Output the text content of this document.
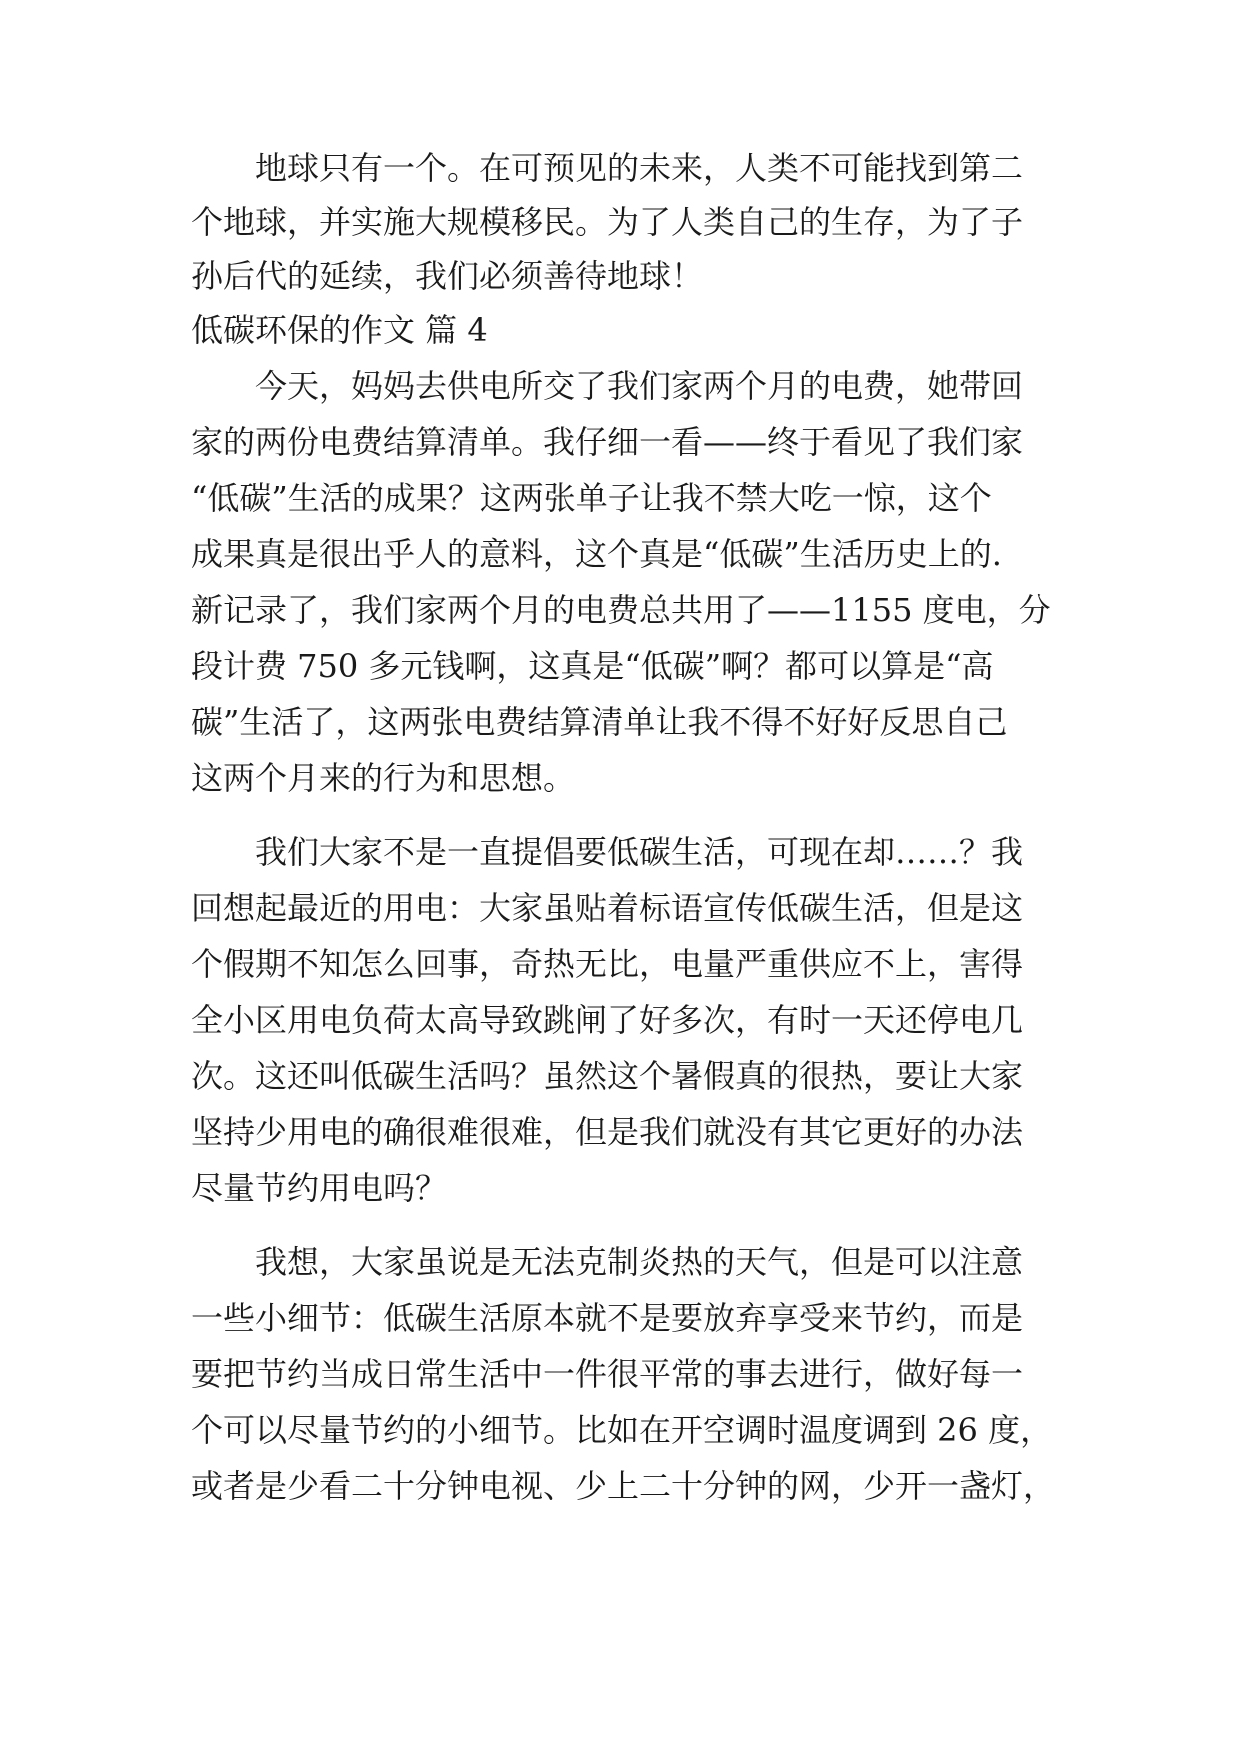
　　地球只有一个。在可预见的未来，人类不可能找到第二

个地球，并实施大规模移民。为了人类自己的生存，为了子

孙后代的延续，我们必须善待地球！

低碳环保的作文 篇 4

　　今天，妈妈去供电所交了我们家两个月的电费，她带回

家的两份电费结算清单。我仔细一看——终于看见了我们家

“低碳”生活的成果？这两张单子让我不禁大吃一惊，这个

成果真是很出乎人的意料，这个真是“低碳”生活历史上的.

新记录了，我们家两个月的电费总共用了——1155 度电，分

段计费 750 多元钱啊，这真是“低碳”啊？都可以算是“高

碳”生活了，这两张电费结算清单让我不得不好好反思自己

这两个月来的行为和思想。

　　我们大家不是一直提倡要低碳生活，可现在却……？我

回想起最近的用电：大家虽贴着标语宣传低碳生活，但是这

个假期不知怎么回事，奇热无比，电量严重供应不上，害得

全小区用电负荷太高导致跳闸了好多次，有时一天还停电几

次。这还叫低碳生活吗？虽然这个暑假真的很热，要让大家

坚持少用电的确很难很难，但是我们就没有其它更好的办法

尽量节约用电吗？

　　我想，大家虽说是无法克制炎热的天气，但是可以注意

一些小细节：低碳生活原本就不是要放弃享受来节约，而是

要把节约当成日常生活中一件很平常的事去进行，做好每一

个可以尽量节约的小细节。比如在开空调时温度调到 26 度，

或者是少看二十分钟电视、少上二十分钟的网，少开一盏灯，
